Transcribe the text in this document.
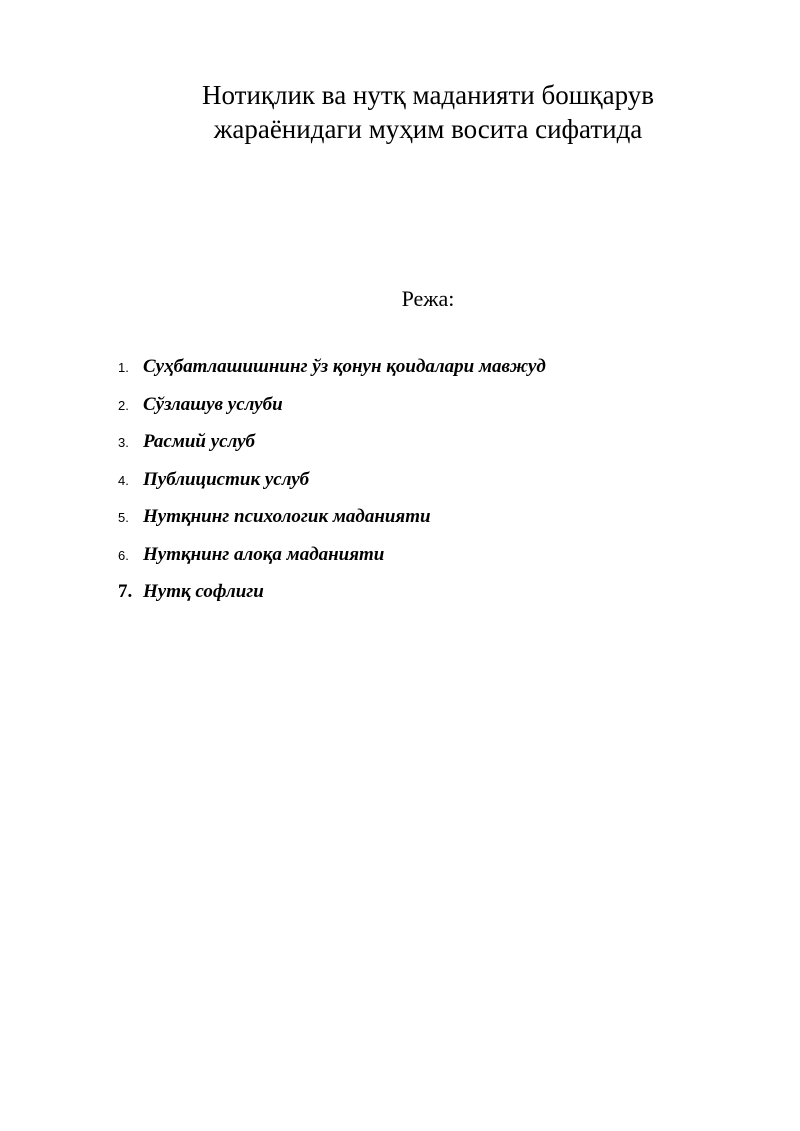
Нотиқлик ва нутқ маданияти бошқарув
жараёнидаги муҳим восита сифатида
Режа:
1. Суҳбатлашишнинг ўз қонун қоидалари мавжуд
2. Сўзлашув услуби
3. Расмий услуб
4. Публицистик услуб
5. Нутқнинг психологик маданияти
6. Нутқнинг алоқа маданияти
7. Нутқ софлиги
